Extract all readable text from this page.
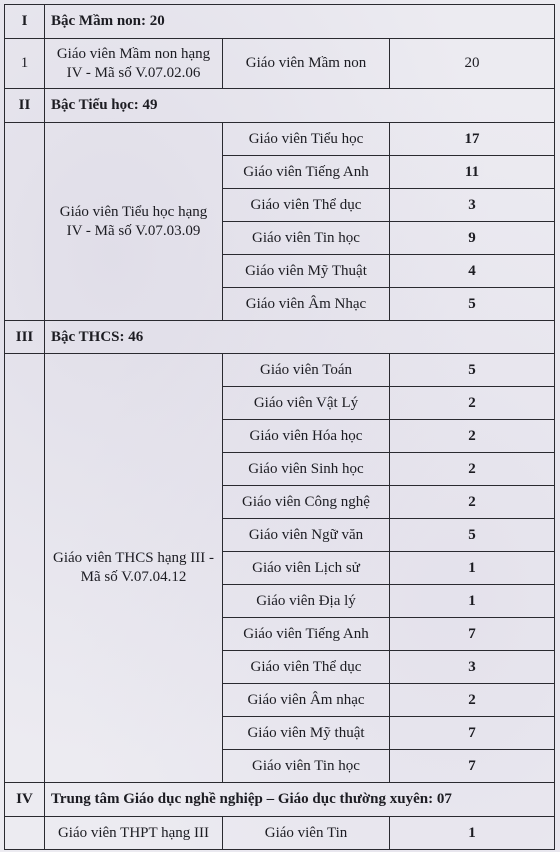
I	Bậc Mầm non: 20		
1	Giáo viên Mầm non hạng IV - Mã số V.07.02.06	Giáo viên Mầm non	20
II	Bậc Tiểu học: 49		
	Giáo viên Tiểu học hạng IV - Mã số V.07.03.09	Giáo viên Tiểu học	17
		Giáo viên Tiếng Anh	11
		Giáo viên Thể dục	3
		Giáo viên Tin học	9
		Giáo viên Mỹ Thuật	4
		Giáo viên Âm Nhạc	5
III	Bậc THCS: 46		
	Giáo viên THCS hạng III - Mã số V.07.04.12	Giáo viên Toán	5
		Giáo viên Vật Lý	2
		Giáo viên Hóa học	2
		Giáo viên Sinh học	2
		Giáo viên Công nghệ	2
		Giáo viên Ngữ văn	5
		Giáo viên Lịch sử	1
		Giáo viên Địa lý	1
		Giáo viên Tiếng Anh	7
		Giáo viên Thể dục	3
		Giáo viên Âm nhạc	2
		Giáo viên Mỹ thuật	7
		Giáo viên Tin học	7
IV	Trung tâm Giáo dục nghề nghiệp – Giáo dục thường xuyên: 07		
	Giáo viên THPT hạng III	Giáo viên Tin	1
